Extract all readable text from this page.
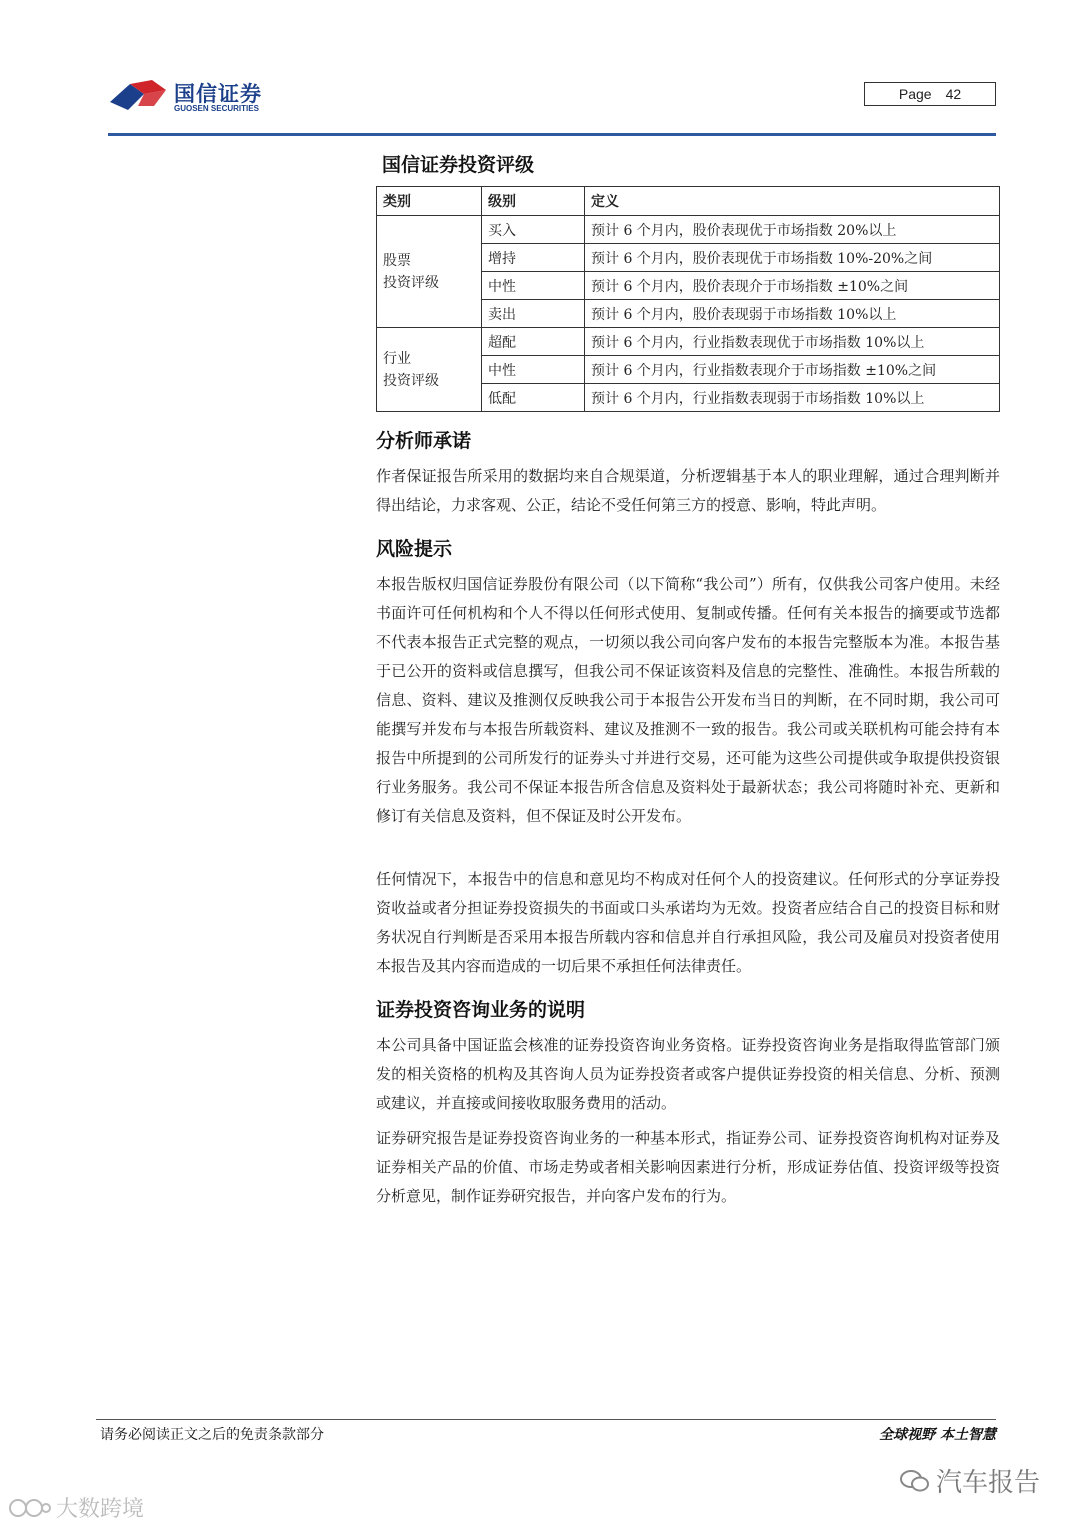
国信证券
GUOSEN SECURITIES
Page 42
国信证券投资评级
类别	级别	定义

股票
投资评级	买入	预计 6 个月内，股价表现优于市场指数 20%以上
	增持	预计 6 个月内，股价表现优于市场指数 10%-20%之间
	中性	预计 6 个月内，股价表现介于市场指数 ±10%之间
	卖出	预计 6 个月内，股价表现弱于市场指数 10%以上

行业
投资评级	超配	预计 6 个月内，行业指数表现优于市场指数 10%以上
	中性	预计 6 个月内，行业指数表现介于市场指数 ±10%之间
	低配	预计 6 个月内，行业指数表现弱于市场指数 10%以上
分析师承诺

作者保证报告所采用的数据均来自合规渠道，分析逻辑基于本人的职业理解，通过合理判断并得出结论，力求客观、公正，结论不受任何第三方的授意、影响，特此声明。

风险提示

本报告版权归国信证券股份有限公司（以下简称“我公司”）所有，仅供我公司客户使用。未经书面许可任何机构和个人不得以任何形式使用、复制或传播。任何有关本报告的摘要或节选都不代表本报告正式完整的观点，一切须以我公司向客户发布的本报告完整版本为准。本报告基于已公开的资料或信息撰写，但我公司不保证该资料及信息的完整性、准确性。本报告所载的信息、资料、建议及推测仅反映我公司于本报告公开发布当日的判断，在不同时期，我公司可能撰写并发布与本报告所载资料、建议及推测不一致的报告。我公司或关联机构可能会持有本报告中所提到的公司所发行的证券头寸并进行交易，还可能为这些公司提供或争取提供投资银行业务服务。我公司不保证本报告所含信息及资料处于最新状态；我公司将随时补充、更新和修订有关信息及资料，但不保证及时公开发布。

任何情况下，本报告中的信息和意见均不构成对任何个人的投资建议。任何形式的分享证券投资收益或者分担证券投资损失的书面或口头承诺均为无效。投资者应结合自己的投资目标和财务状况自行判断是否采用本报告所载内容和信息并自行承担风险，我公司及雇员对投资者使用本报告及其内容而造成的一切后果不承担任何法律责任。

证券投资咨询业务的说明

本公司具备中国证监会核准的证券投资咨询业务资格。证券投资咨询业务是指取得监管部门颁发的相关资格的机构及其咨询人员为证券投资者或客户提供证券投资的相关信息、分析、预测或建议，并直接或间接收取服务费用的活动。

证券研究报告是证券投资咨询业务的一种基本形式，指证券公司、证券投资咨询机构对证券及证券相关产品的价值、市场走势或者相关影响因素进行分析，形成证券估值、投资评级等投资分析意见，制作证券研究报告，并向客户发布的行为。

请务必阅读正文之后的免责条款部分	全球视野 本土智慧
汽车报告
大数跨境
